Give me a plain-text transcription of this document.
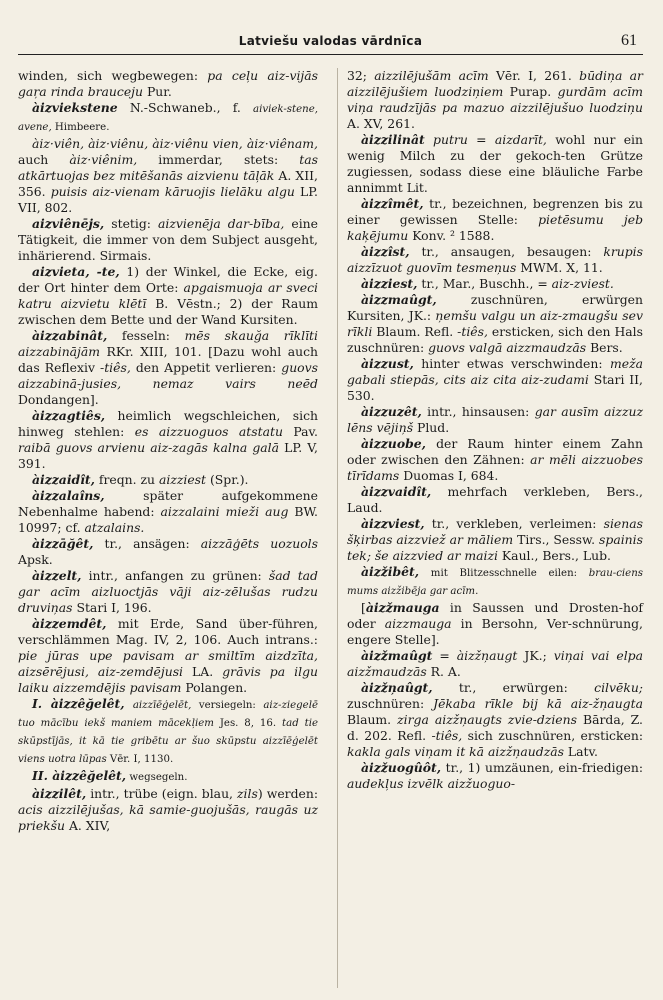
Latviešu valodas vārdnīca	61

winden, sich wegbewegen: pa ceļu aiz-vijās gaŗa rinda brauceju Pur.

àizviekstene N.-Schwaneb., f. aiviek-stene, avene, Himbeere.

àiz·viên, àiz·viênu, àiz·viênu vien, àiz·viênam, auch àiz·viênim, immerdar, stets: tas atkārtuojas bez mitēšanās aizvienu tāļāk A. XII, 356. puisis aiz-vienam kāruojis lielāku algu LP. VII, 802.

aizviênējs, stetig: aizvienēja dar-bība, eine Tätigkeit, die immer von dem Subject ausgeht, inhärierend. Sirmais.

aizvieta, -te, 1) der Winkel, die Ecke, eig. der Ort hinter dem Orte: apgaismuoja ar sveci katru aizvietu klētī B. Vēstn.; 2) der Raum zwischen dem Bette und der Wand Kursiten.

àizzabinât, fesseln: mēs skauğa rīklīti aizzabinājām RKr. XIII, 101. [Dazu wohl auch das Reflexiv -tiês, den Appetit verlieren: guovs aizzabinā-jusies, nemaz vairs neēd Dondangen].

àizzagtiês, heimlich wegschleichen, sich hinweg stehlen: es aizzuoguos atstatu Pav. raibā guovs arvienu aiz-zagās kalna galā LP. V, 391.

àizzaidît, freqn. zu aizziest (Spr.).

àizzalaîns, später aufgekommene Nebenhalme habend: aizzalaini mieži aug BW. 10997; cf. atzalains.

àizzāğêt, tr., ansägen: aizzāģēts uozuols Apsk.

àizzelt, intr., anfangen zu grünen: šad tad gar acīm aizluoctjās vāji aiz-zēlušas rudzu druviņas Stari I, 196.

àizzemdêt, mit Erde, Sand über-führen, verschlämmen Mag. IV, 2, 106. Auch intrans.: pie jūras upe pavisam ar smiltīm aizdzīta, aizsērējusi, aiz-zemdējusi LA. grāvis pa ilgu laiku aizzemdējis pavisam Polangen.

I. àizzêğelêt, aizzīēģelēt, versiegeln: aiz-ziegelē tuo mācību iekš maniem mācekļiem Jes. 8, 16. tad tie skūpstījās, it kā tie gribētu ar šuo skūpstu aizzīēģelēt viens uotra lūpas Vēr. I, 1130.

II. àizzêğelêt, wegsegeln.

àizzilêt, intr., trübe (eign. blau, zils) werden: acis aizzilējušas, kā samie-guojušās, raugās uz priekšu A. XIV,

32; aizzilējušām acīm Vēr. I, 261. būdiņa ar aizzilējušiem luodziņiem Purap. gurdām acīm viņa raudzījās pa mazuo aizzilējušuo luodziņu A. XV, 261.

àizzilinât putru = aizdarīt, wohl nur ein wenig Milch zu der gekoch-ten Grütze zugiessen, sodass diese eine bläuliche Farbe annimmt Lit.

àizzîmêt, tr., bezeichnen, begrenzen bis zu einer gewissen Stelle: pietēsumu jeb kaķējumu Konv. ² 1588.

àizzîst, tr., ansaugen, besaugen: krupis aizzīzuot guovīm tesmeņus MWM. X, 11.

àizziest, tr., Mar., Buschh., = aiz-zviest.

àizzmaûgt, zuschnüren, erwürgen Kursiten, JK.: ņemšu valgu un aiz-zmaugšu sev rīkli Blaum. Refl. -tiês, ersticken, sich den Hals zuschnüren: guovs valgā aizzmaudzās Bers.

àizzust, hinter etwas verschwinden: meža gabali stiepās, cits aiz cita aiz-zudami Stari II, 530.

àizzuzêt, intr., hinsausen: gar ausīm aizzuz lēns vējiņš Plud.

àizzuobe, der Raum hinter einem Zahn oder zwischen den Zähnen: ar mēli aizzuobes tīrīdams Duomas I, 684.

àizzvaidît, mehrfach verkleben, Bers., Laud.

àizzviest, tr., verkleben, verleimen: sienas šķirbas aizzviež ar māliem Tirs., Sessw. spainis tek; še aizzvied ar maizi Kaul., Bers., Lub.

àizžibêt, mit Blitzesschnelle eilen: brau-ciens mums aizžibēja gar acīm.

[àizžmauga in Saussen und Drosten-hof oder aizzmauga in Bersohn, Ver-schnürung, engere Stelle].

àizžmaûgt = àizžņaugt JK.; viņai vai elpa aizžmaudzās R. A.

àizžņaûgt, tr., erwürgen: cilvēku; zuschnüren: Jēkaba rīkle bij kā aiz-žņaugta Blaum. zirga aizžņaugts zvie-dziens Bārda, Z. d. 202. Refl. -tiês, sich zuschnüren, ersticken: kakla gals viņam it kā aizžņaudzās Latv.

àizžuogûôt, tr., 1) umzäunen, ein-friedigen: audekļus izvēlk aizžuoguo-
